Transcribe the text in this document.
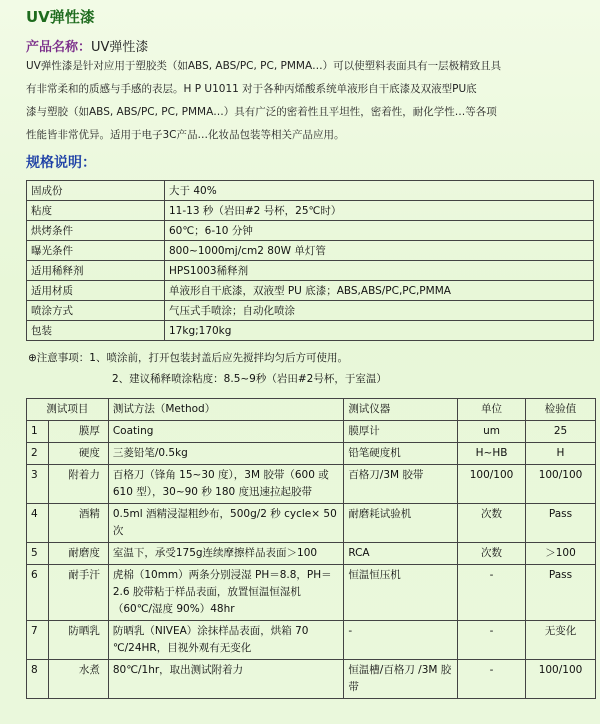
UV弹性漆
产品名称：UV弹性漆
UV弹性漆是针对应用于塑胶类（如ABS, ABS/PC, PC, PMMA…）可以使塑料表面具有一层极精致且具
有非常柔和的质感与手感的表层。H P U1011 对于各种丙烯酸系统单液形自干底漆及双液型PU底
漆与塑胶（如ABS, ABS/PC, PC, PMMA…）具有广泛的密着性且平坦性，密着性，耐化学性…等各项
性能皆非常优异。适用于电子3C产品…化妆品包装等相关产品应用。
规格说明：
固成份	大于 40%
粘度	11-13 秒（岩田#2 号杯，25℃时）
烘烤条件	60℃；6-10 分钟
曝光条件	800~1000mj/cm2 80W 单灯管
适用稀释剂	HPS1003稀释剂
适用材质	单液形自干底漆，双液型 PU 底漆；ABS,ABS/PC,PC,PMMA
喷涂方式	气压式手喷涂；自动化喷涂
包装	17kg;170kg
⊕注意事项：1、喷涂前，打开包装封盖后应先搅拌均匀后方可使用。
2、建议稀释喷涂粘度：8.5~9秒（岩田#2号杯，于室温）
测试项目		测试方法（Method）	测试仪器	单位	检验值
1	膜厚	Coating	膜厚计	um	25
2	硬度	三菱铅笔/0.5kg	铅笔硬度机	H~HB	H
3	附着力	百格刀（锋角 15~30 度），3M 胶带（600 或 610 型），30~90 秒 180 度迅速拉起胶带	百格刀/3M 胶带	100/100	100/100
4	酒精	0.5ml 酒精浸湿粗纱布，500g/2 秒 cycle× 50 次	耐磨耗试验机	次数	Pass
5	耐磨度	室温下，承受175g连续摩擦样品表面＞100	RCA	次数	＞100
6	耐手汗	虎棉（10mm）两条分别浸湿 PH＝8.8，PH＝2.6 胶带粘于样品表面，放置恒温恒湿机（60℃/湿度 90%）48hr	恒温恒压机	-	Pass
7	防晒乳	防晒乳（NIVEA）涂抹样品表面，烘箱 70 ℃/24HR，目视外观有无变化	-	-	无变化
8	水煮	80℃/1hr，取出测试附着力	恒温槽/百格刀 /3M 胶带	-	100/100
